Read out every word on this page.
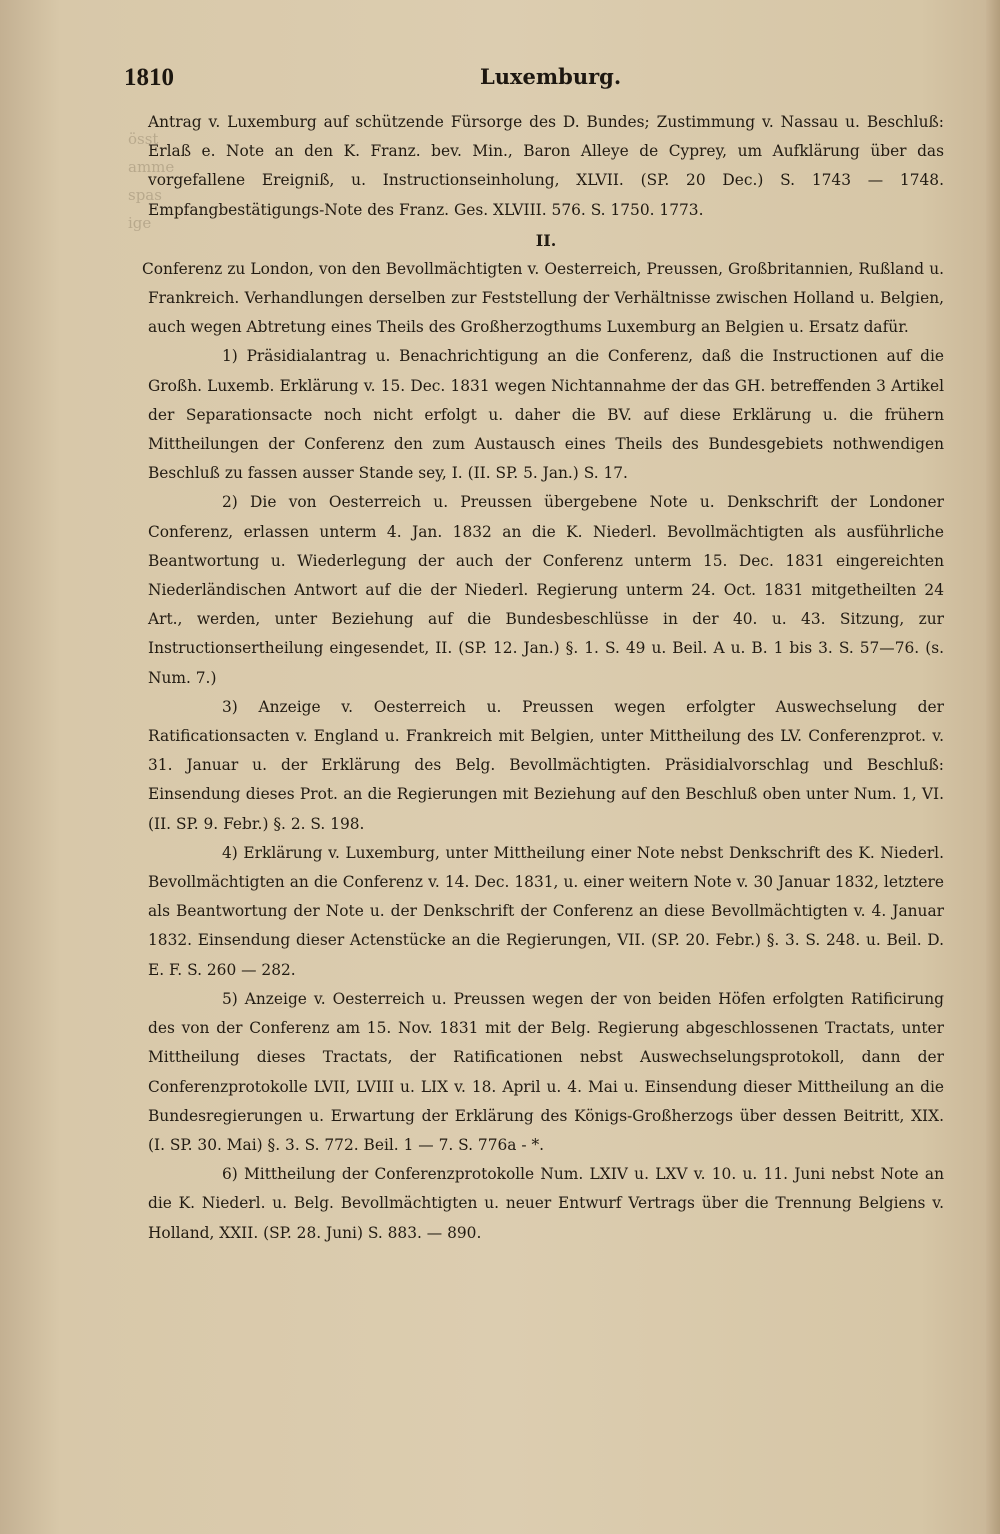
össt
amme
spas
ige
1810	Luxemburg.

Antrag v. Luxemburg auf schützende Fürsorge des D. Bundes; Zustimmung v. Nassau u. Beschluß: Erlaß e. Note an den K. Franz. bev. Min., Baron Alleye de Cyprey, um Aufklärung über das vorgefallene Ereigniß, u. Instructionseinholung, XLVII. (SP. 20 Dec.) S. 1743 — 1748. Empfangbestätigungs-Note des Franz. Ges. XLVIII. 576. S. 1750. 1773.

II.

Conferenz zu London, von den Bevollmächtigten v. Oesterreich, Preussen, Großbritannien, Rußland u. Frankreich. Verhandlungen derselben zur Feststellung der Verhältnisse zwischen Holland u. Belgien, auch wegen Abtretung eines Theils des Großherzogthums Luxemburg an Belgien u. Ersatz dafür.

1) Präsidialantrag u. Benachrichtigung an die Conferenz, daß die Instructionen auf die Großh. Luxemb. Erklärung v. 15. Dec. 1831 wegen Nichtannahme der das GH. betreffenden 3 Artikel der Separationsacte noch nicht erfolgt u. daher die BV. auf diese Erklärung u. die frühern Mittheilungen der Conferenz den zum Austausch eines Theils des Bundesgebiets nothwendigen Beschluß zu fassen ausser Stande sey, I. (II. SP. 5. Jan.) S. 17.

2) Die von Oesterreich u. Preussen übergebene Note u. Denkschrift der Londoner Conferenz, erlassen unterm 4. Jan. 1832 an die K. Niederl. Bevollmächtigten als ausführliche Beantwortung u. Wiederlegung der auch der Conferenz unterm 15. Dec. 1831 eingereichten Niederländischen Antwort auf die der Niederl. Regierung unterm 24. Oct. 1831 mitgetheilten 24 Art., werden, unter Beziehung auf die Bundesbeschlüsse in der 40. u. 43. Sitzung, zur Instructionsertheilung eingesendet, II. (SP. 12. Jan.) §. 1. S. 49 u. Beil. A u. B. 1 bis 3. S. 57—76. (s. Num. 7.)

3) Anzeige v. Oesterreich u. Preussen wegen erfolgter Auswechselung der Ratificationsacten v. England u. Frankreich mit Belgien, unter Mittheilung des LV. Conferenzprot. v. 31. Januar u. der Erklärung des Belg. Bevollmächtigten. Präsidialvorschlag und Beschluß: Einsendung dieses Prot. an die Regierungen mit Beziehung auf den Beschluß oben unter Num. 1, VI. (II. SP. 9. Febr.) §. 2. S. 198.

4) Erklärung v. Luxemburg, unter Mittheilung einer Note nebst Denkschrift des K. Niederl. Bevollmächtigten an die Conferenz v. 14. Dec. 1831, u. einer weitern Note v. 30 Januar 1832, letztere als Beantwortung der Note u. der Denkschrift der Conferenz an diese Bevollmächtigten v. 4. Januar 1832. Einsendung dieser Actenstücke an die Regierungen, VII. (SP. 20. Febr.) §. 3. S. 248. u. Beil. D. E. F. S. 260 — 282.

5) Anzeige v. Oesterreich u. Preussen wegen der von beiden Höfen erfolgten Ratificirung des von der Conferenz am 15. Nov. 1831 mit der Belg. Regierung abgeschlossenen Tractats, unter Mittheilung dieses Tractats, der Ratificationen nebst Auswechselungsprotokoll, dann der Conferenzprotokolle LVII, LVIII u. LIX v. 18. April u. 4. Mai u. Einsendung dieser Mittheilung an die Bundesregierungen u. Erwartung der Erklärung des Königs-Großherzogs über dessen Beitritt, XIX. (I. SP. 30. Mai) §. 3. S. 772. Beil. 1 — 7. S. 776a - *.

6) Mittheilung der Conferenzprotokolle Num. LXIV u. LXV v. 10. u. 11. Juni nebst Note an die K. Niederl. u. Belg. Bevollmächtigten u. neuer Entwurf Vertrags über die Trennung Belgiens v. Holland, XXII. (SP. 28. Juni) S. 883. — 890.
